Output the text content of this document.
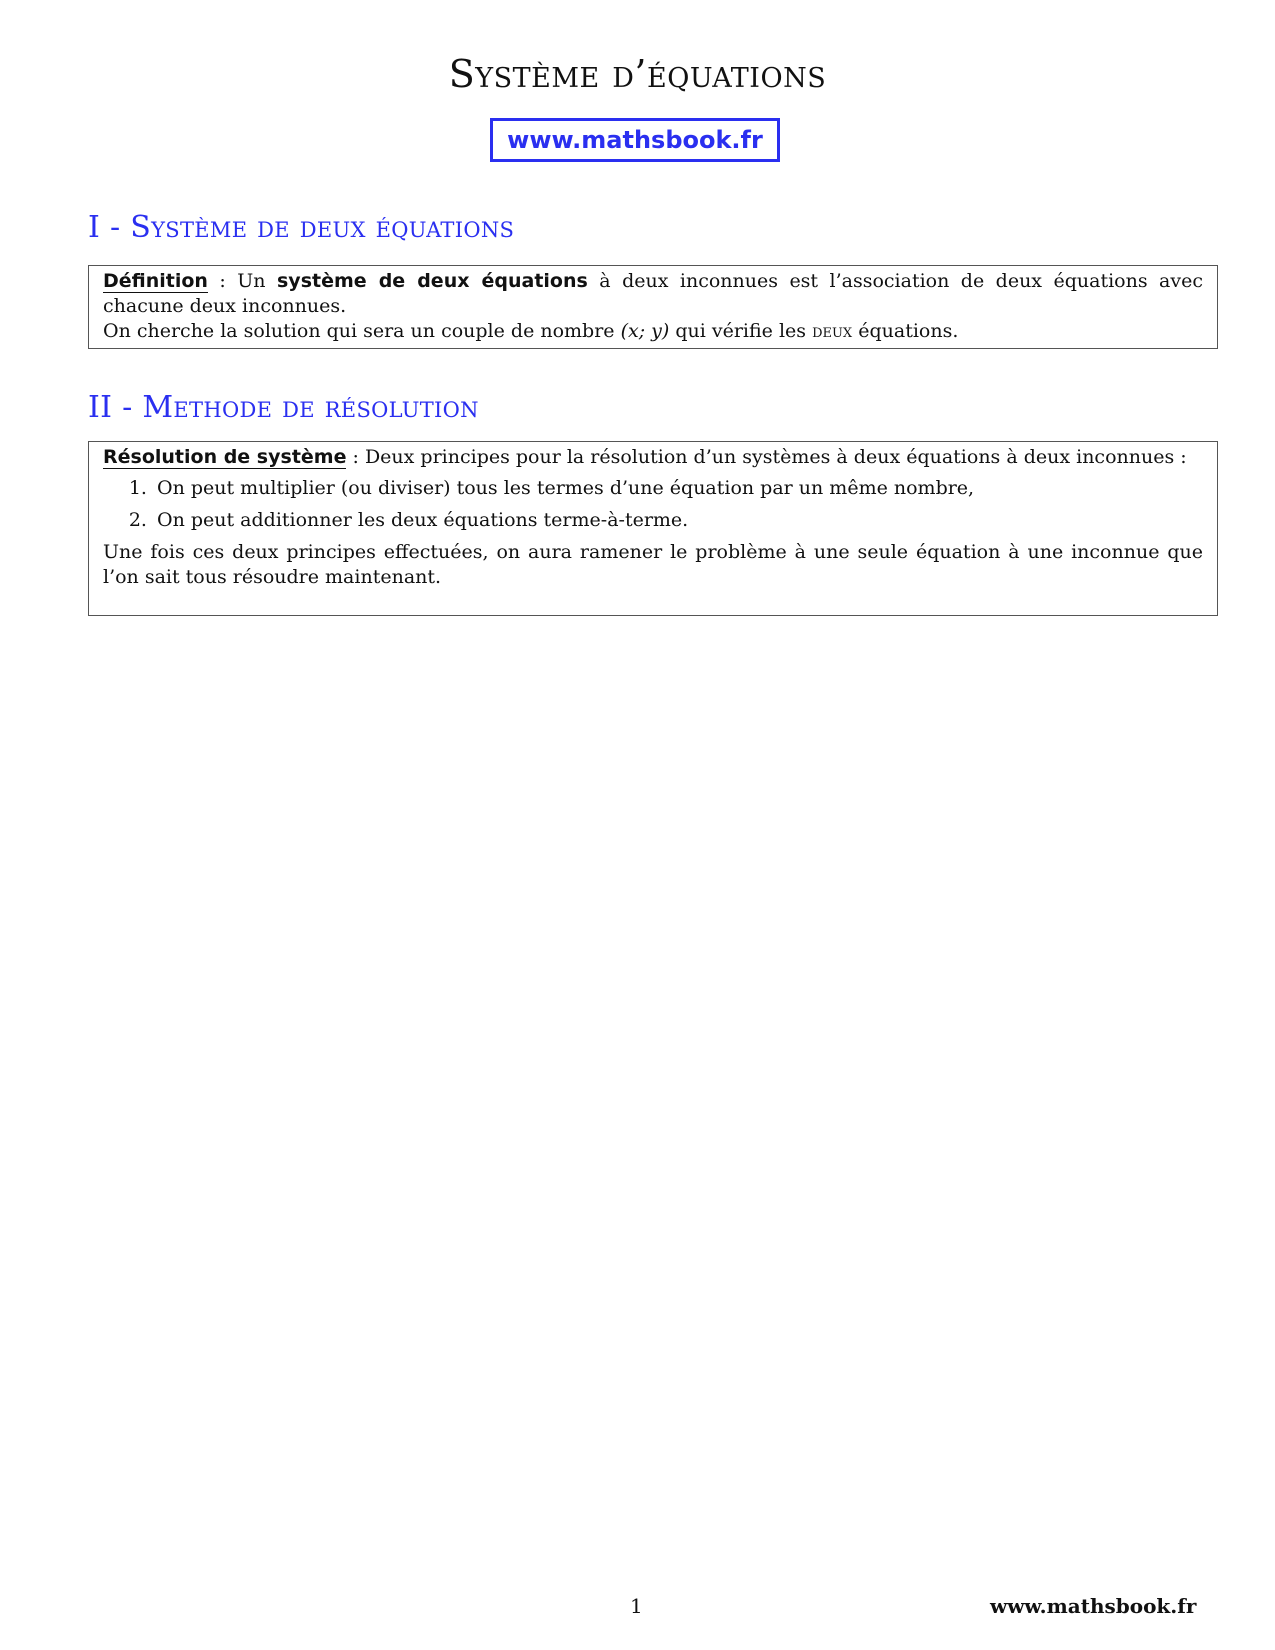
Système d’équations
www.mathsbook.fr
I - Système de deux équations

Définition : Un système de deux équations à deux inconnues est l’association de deux équations avec chacune deux inconnues.

On cherche la solution qui sera un couple de nombre (x; y) qui vérifie les deux équations.

II - Methode de résolution

Résolution de système : Deux principes pour la résolution d’un systèmes à deux équations à deux inconnues :

1. On peut multiplier (ou diviser) tous les termes d’une équation par un même nombre,
2. On peut additionner les deux équations terme-à-terme.

Une fois ces deux principes effectuées, on aura ramener le problème à une seule équation à une inconnue que l’on sait tous résoudre maintenant.

1	www.mathsbook.fr
